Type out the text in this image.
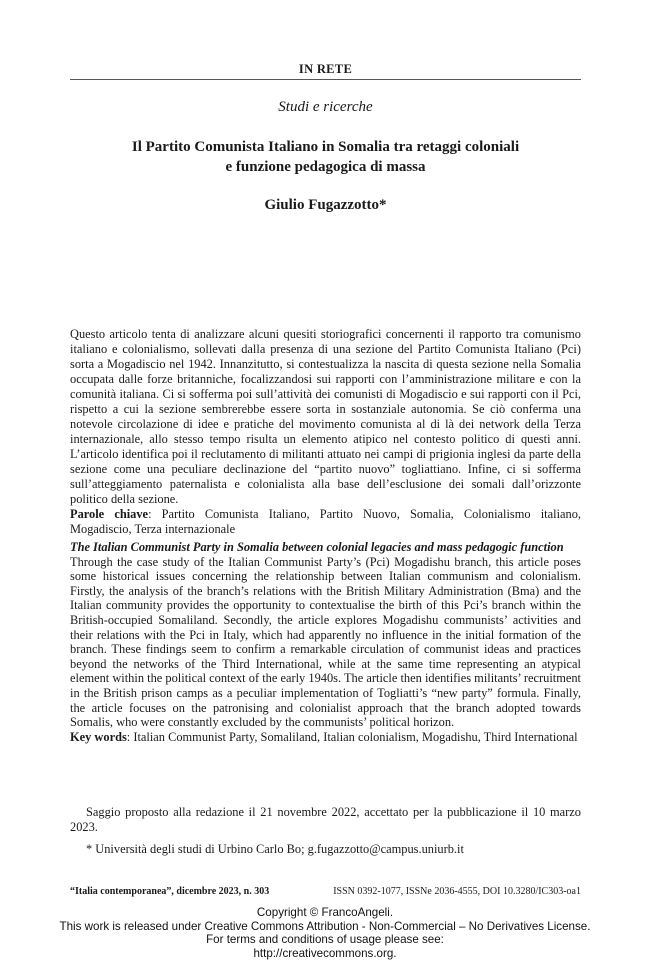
IN RETE
Studi e ricerche
Il Partito Comunista Italiano in Somalia tra retaggi coloniali
e funzione pedagogica di massa
Giulio Fugazzotto*

Questo articolo tenta di analizzare alcuni quesiti storiografici concernenti il rapporto tra comunismo italiano e colonialismo, sollevati dalla presenza di una sezione del Partito Comunista Italiano (Pci) sorta a Mogadiscio nel 1942. Innanzitutto, si contestualizza la nascita di questa sezione nella Somalia occupata dalle forze britanniche, focalizzandosi sui rapporti con l’amministrazione militare e con la comunità italiana. Ci si sofferma poi sull’attività dei comunisti di Mogadiscio e sui rapporti con il Pci, rispetto a cui la sezione sembrerebbe essere sorta in sostanziale autonomia. Se ciò conferma una notevole circolazione di idee e pratiche del movimento comunista al di là dei network della Terza internazionale, allo stesso tempo risulta un elemento atipico nel contesto politico di questi anni. L’articolo identifica poi il reclutamento di militanti attuato nei campi di prigionia inglesi da parte della sezione come una peculiare declinazione del “partito nuovo” togliattiano. Infine, ci si sofferma sull’atteggiamento paternalista e colonialista alla base dell’esclusione dei somali dall’orizzonte politico della sezione.

Parole chiave: Partito Comunista Italiano, Partito Nuovo, Somalia, Colonialismo italiano, Mogadiscio, Terza internazionale

The Italian Communist Party in Somalia between colonial legacies and mass pedagogic function

Through the case study of the Italian Communist Party’s (Pci) Mogadishu branch, this article poses some historical issues concerning the relationship between Italian communism and colonialism. Firstly, the analysis of the branch’s relations with the British Military Administration (Bma) and the Italian community provides the opportunity to contextualise the birth of this Pci’s branch within the British-occupied Somaliland. Secondly, the article explores Mogadishu communists’ activities and their relations with the Pci in Italy, which had apparently no influence in the initial formation of the branch. These findings seem to confirm a remarkable circulation of communist ideas and practices beyond the networks of the Third International, while at the same time representing an atypical element within the political context of the early 1940s. The article then identifies militants’ recruitment in the British prison camps as a peculiar implementation of Togliatti’s “new party” formula. Finally, the article focuses on the patronising and colonialist approach that the branch adopted towards Somalis, who were constantly excluded by the communists’ political horizon.

Key words: Italian Communist Party, Somaliland, Italian colonialism, Mogadishu, Third International

Saggio proposto alla redazione il 21 novembre 2022, accettato per la pubblicazione il 10 marzo 2023.
* Università degli studi di Urbino Carlo Bo; g.fugazzotto@campus.uniurb.it
“Italia contemporanea”, dicembre 2023, n. 303	ISSN 0392-1077, ISSNe 2036-4555, DOI 10.3280/IC303-oa1
Copyright © FrancoAngeli.
This work is released under Creative Commons Attribution - Non-Commercial – No Derivatives License.
For terms and conditions of usage please see:
http://creativecommons.org.
